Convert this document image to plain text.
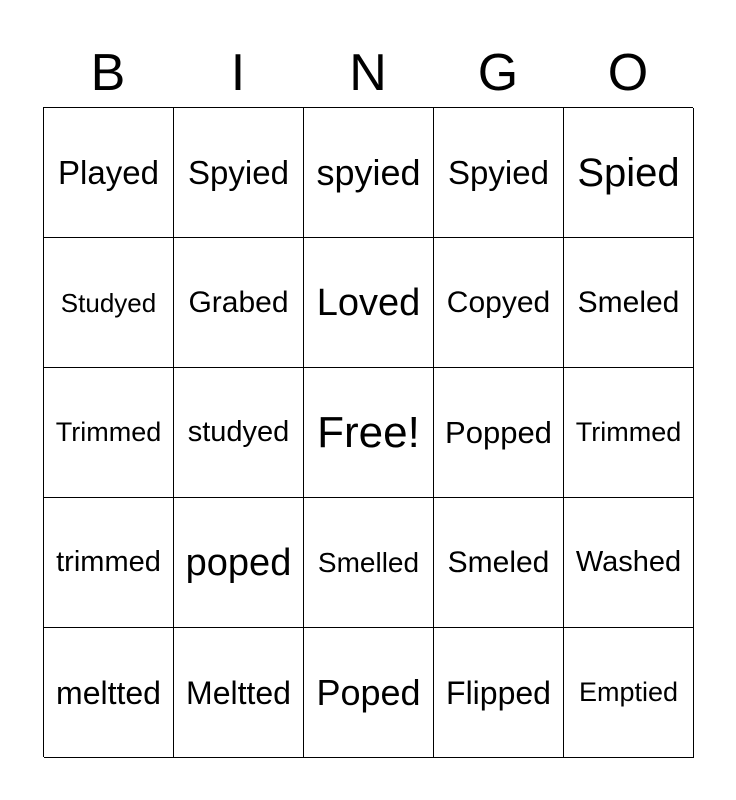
B	I	N	G	O
Played Spyied spyied Spyied Spied
Studyed	Grabed Loved Copyed Smeled
Trimmed studyed Free! Popped Trimmed
trimmed poped Smelled Smeled Washed
meltted Meltted Poped Flipped	Emptied
